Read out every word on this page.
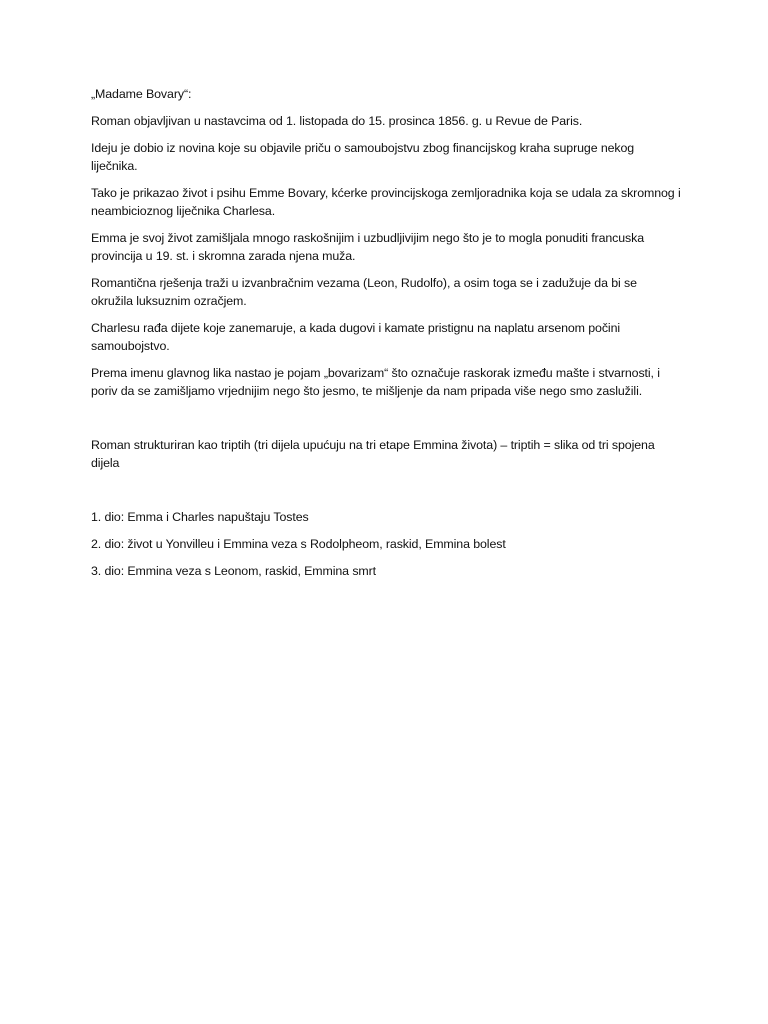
„Madame Bovary“:

Roman objavljivan u nastavcima od 1. listopada do 15. prosinca 1856. g. u Revue de Paris.

Ideju je dobio iz novina koje su objavile priču o samoubojstvu zbog financijskog kraha supruge nekog liječnika.

Tako je prikazao život i psihu Emme Bovary, kćerke provincijskoga zemljoradnika koja se udala za skromnog i neambicioznog liječnika Charlesa.

Emma je svoj život zamišljala mnogo raskošnijim i uzbudljivijim nego što je to mogla ponuditi francuska provincija u 19. st. i skromna zarada njena muža.

Romantična rješenja traži u izvanbračnim vezama (Leon, Rudolfo), a osim toga se i zadužuje da bi se okružila luksuznim ozračjem.

Charlesu rađa dijete koje zanemaruje, a kada dugovi i kamate pristignu na naplatu arsenom počini samoubojstvo.

Prema imenu glavnog lika nastao je pojam „bovarizam“ što označuje raskorak između mašte i stvarnosti, i poriv da se zamišljamo vrjednijim nego što jesmo, te mišljenje da nam pripada više nego smo zaslužili.

Roman strukturiran kao triptih (tri dijela upućuju na tri etape Emmina života) – triptih = slika od tri spojena dijela

1. dio: Emma i Charles napuštaju Tostes

2. dio: život u Yonvilleu i Emmina veza s Rodolpheom, raskid, Emmina bolest

3. dio: Emmina veza s Leonom, raskid, Emmina smrt
